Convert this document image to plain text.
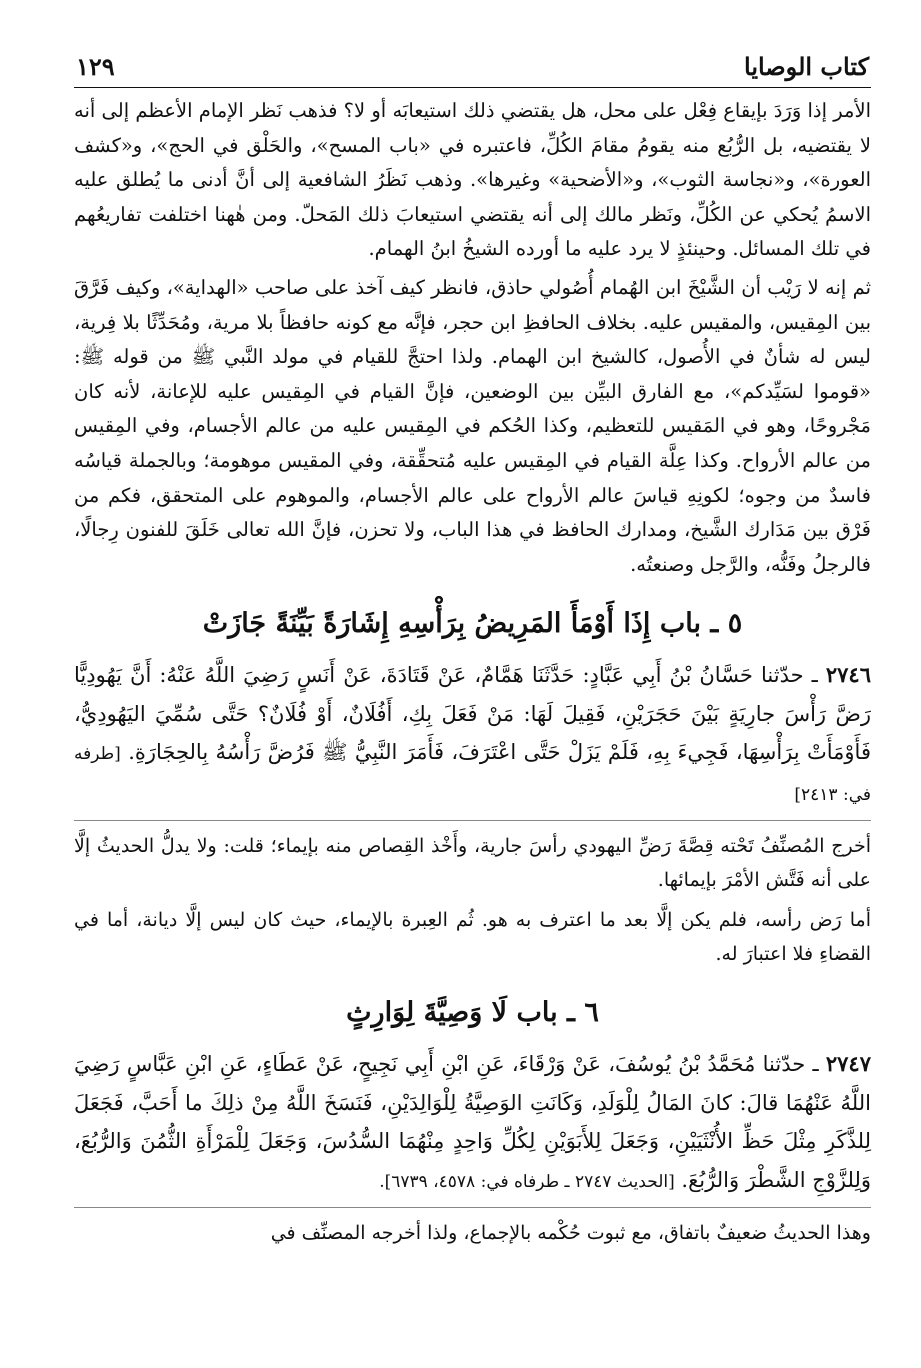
كتاب الوصايا
١٢٩

الأمر إذا وَرَدَ بإيقاع فِعْل على محل، هل يقتضي ذلك استيعابَه أو لا؟ فذهب نَظر الإمام الأعظم إلى أنه لا يقتضيه، بل الرُّبُع منه يقومُ مقامَ الكُلِّ، فاعتبره في «باب المسح»، والحَلْق في الحج»، و«كشف العورة»، و«نجاسة الثوب»، و«الأضحية» وغيرها». وذهب نَظَرُ الشافعية إلى أنَّ أدنى ما يُطلق عليه الاسمُ يُحكي عن الكُلِّ، ونَظر مالك إلى أنه يقتضي استيعابَ ذلك المَحلّ. ومن هٰهنا اختلفت تفاريعُهم في تلك المسائل. وحينئذٍ لا يرد عليه ما أورده الشيخُ ابنُ الهمام.

ثم إنه لا رَيْب أن الشَّيْخَ ابن الهُمام أُصُولي حاذق، فانظر كيف آخذ على صاحب «الهداية»، وكيف فَرَّقَ بين المِقيس، والمقيس عليه. بخلاف الحافظِ ابن حجر، فإنَّه مع كونه حافظاً بلا مرية، ومُحَدِّثًا بلا فِرية، ليس له شأنٌ في الأُصول، كالشيخ ابن الهمام. ولذا احتجَّ للقيام في مولد النَّبي ﷺ من قوله ﷺ: «قوموا لسَيِّدكم»، مع الفارق البيِّن بين الوضعين، فإنَّ القيام في المِقيس عليه للإعانة، لأنه كان مَجْروحًا، وهو في المَقيس للتعظيم، وكذا الحُكم في المِقيس عليه من عالم الأجسام، وفي المِقيس من عالم الأرواح. وكذا عِلَّة القيام في المِقيس عليه مُتحقِّقة، وفي المقيس موهومة؛ وبالجملة قياسُه فاسدٌ من وجوه؛ لكونِهِ قياسَ عالم الأرواح على عالم الأجسام، والموهوم على المتحقق، فكم من فَرْق بين مَدَارك الشَّيخ، ومدارك الحافظ في هذا الباب، ولا تحزن، فإنَّ الله تعالى خَلَقَ للفنون رِجالًا، فالرجلُ وفَنُّه، والرَّجل وصنعتُه.

٥ ـ باب إِذَا أَوْمَأَ المَرِيضُ بِرَأْسِهِ إِشَارَةً بَيِّنَةً جَازَتْ

٢٧٤٦ ـ حدّثنا حَسَّانُ بْنُ أَبِي عَبَّادٍ: حَدَّثَنَا هَمَّامٌ، عَنْ قَتَادَةَ، عَنْ أَنَسٍ رَضِيَ اللَّهُ عَنْهُ: أَنَّ يَهُودِيًّا رَضَّ رَأْسَ جارِيَةٍ بَيْنَ حَجَرَيْنِ، فَقِيلَ لَهَا: مَنْ فَعَلَ بِكِ، أَفُلَانٌ، أَوْ فُلَانٌ؟ حَتَّى سُمِّيَ اليَهُودِيُّ، فَأَوْمَأَتْ بِرَأْسِهَا، فَجِيءَ بِهِ، فَلَمْ يَزَلْ حَتَّى اعْتَرَفَ، فَأَمَرَ النَّبِيُّ ﷺ فَرُضَّ رَأْسُهُ بِالحِجَارَةِ. [طرفه في: ٢٤١٣]

أخرج المُصنِّفُ تَحْته قِصَّةَ رَضِّ اليهودي رأسَ جارية، وأَخْذ القِصاص منه بإيماء؛ قلت: ولا يدلُّ الحديثُ إلَّا على أنه فَتَّش الأمْرَ بإيمائها.

أما رَض رأسه، فلم يكن إلَّا بعد ما اعترف به هو. ثُم العِبرة بالإيماء، حيث كان ليس إلَّا ديانة، أما في القضاءِ فلا اعتبارَ له.

٦ ـ باب لَا وَصِيَّةَ لِوَارِثٍ

٢٧٤٧ ـ حدّثنا مُحَمَّدُ بْنُ يُوسُفَ، عَنْ وَرْقَاءَ، عَنِ ابْنِ أَبِي نَجِيحٍ، عَنْ عَطَاءٍ، عَنِ ابْنِ عَبَّاسٍ رَضِيَ اللَّهُ عَنْهُمَا قالَ: كانَ المَالُ لِلْوَلَدِ، وَكَانَتِ الوَصِيَّةُ لِلْوَالِدَيْنِ، فَنَسَخَ اللَّهُ مِنْ ذلِكَ ما أَحَبَّ، فَجَعَلَ لِلذَّكَرِ مِثْلَ حَظِّ الأُنْثَيَيْنِ، وَجَعَلَ لِلأَبَوَيْنِ لِكُلِّ وَاحِدٍ مِنْهُمَا السُّدُسَ، وَجَعَلَ لِلْمَرْأَةِ الثُّمُنَ وَالرُّبُعَ، وَلِلزَّوْجِ الشَّطْرَ وَالرُّبُعَ. [الحديث ٢٧٤٧ ـ طرفاه في: ٤٥٧٨، ٦٧٣٩].

وهذا الحديثُ ضعيفٌ باتفاق، مع ثبوت حُكْمه بالإجماع، ولذا أخرجه المصنِّف في
